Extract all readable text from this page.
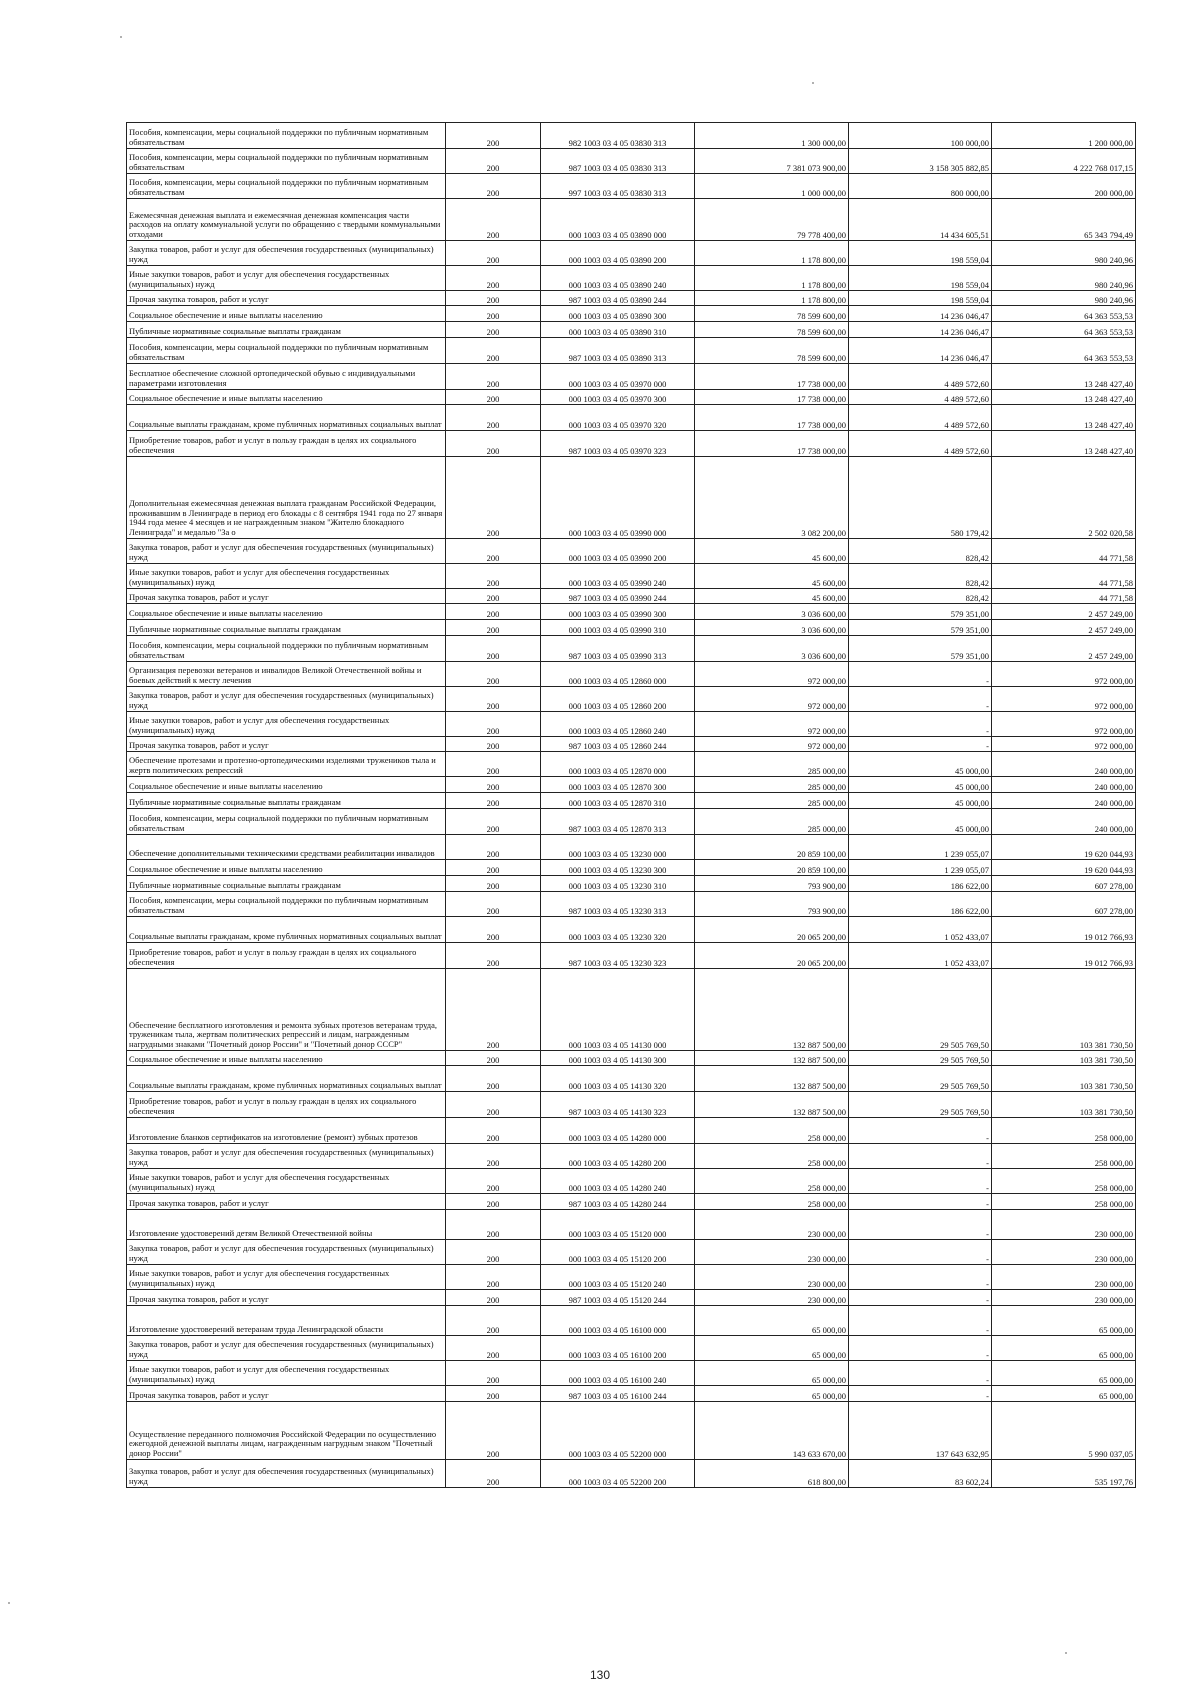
Пособия, компенсации, меры социальной поддержки по публичным нормативным обязательствам	200	982 1003 03 4 05 03830 313	1 300 000,00	100 000,00	1 200 000,00
Пособия, компенсации, меры социальной поддержки по публичным нормативным обязательствам	200	987 1003 03 4 05 03830 313	7 381 073 900,00	3 158 305 882,85	4 222 768 017,15
Пособия, компенсации, меры социальной поддержки по публичным нормативным обязательствам	200	997 1003 03 4 05 03830 313	1 000 000,00	800 000,00	200 000,00
Ежемесячная денежная выплата и ежемесячная денежная компенсация части расходов на оплату коммунальной услуги по обращению с твердыми коммунальными отходами	200	000 1003 03 4 05 03890 000	79 778 400,00	14 434 605,51	65 343 794,49
Закупка товаров, работ и услуг для обеспечения государственных (муниципальных) нужд	200	000 1003 03 4 05 03890 200	1 178 800,00	198 559,04	980 240,96
Иные закупки товаров, работ и услуг для обеспечения государственных (муниципальных) нужд	200	000 1003 03 4 05 03890 240	1 178 800,00	198 559,04	980 240,96
Прочая закупка товаров, работ и услуг	200	987 1003 03 4 05 03890 244	1 178 800,00	198 559,04	980 240,96
Социальное обеспечение и иные выплаты населению	200	000 1003 03 4 05 03890 300	78 599 600,00	14 236 046,47	64 363 553,53
Публичные нормативные социальные выплаты гражданам	200	000 1003 03 4 05 03890 310	78 599 600,00	14 236 046,47	64 363 553,53
Пособия, компенсации, меры социальной поддержки по публичным нормативным обязательствам	200	987 1003 03 4 05 03890 313	78 599 600,00	14 236 046,47	64 363 553,53
Бесплатное обеспечение сложной ортопедической обувью с индивидуальными параметрами изготовления	200	000 1003 03 4 05 03970 000	17 738 000,00	4 489 572,60	13 248 427,40
Социальное обеспечение и иные выплаты населению	200	000 1003 03 4 05 03970 300	17 738 000,00	4 489 572,60	13 248 427,40
Социальные выплаты гражданам, кроме публичных нормативных социальных выплат	200	000 1003 03 4 05 03970 320	17 738 000,00	4 489 572,60	13 248 427,40
Приобретение товаров, работ и услуг в пользу граждан в целях их социального обеспечения	200	987 1003 03 4 05 03970 323	17 738 000,00	4 489 572,60	13 248 427,40
Дополнительная ежемесячная денежная выплата гражданам Российской Федерации, проживавшим в Ленинграде в период его блокады с 8 сентября 1941 года по 27 января 1944 года менее 4 месяцев и не награжденным знаком "Жителю блокадного Ленинграда" и медалью "За о	200	000 1003 03 4 05 03990 000	3 082 200,00	580 179,42	2 502 020,58
Закупка товаров, работ и услуг для обеспечения государственных (муниципальных) нужд	200	000 1003 03 4 05 03990 200	45 600,00	828,42	44 771,58
Иные закупки товаров, работ и услуг для обеспечения государственных (муниципальных) нужд	200	000 1003 03 4 05 03990 240	45 600,00	828,42	44 771,58
Прочая закупка товаров, работ и услуг	200	987 1003 03 4 05 03990 244	45 600,00	828,42	44 771,58
Социальное обеспечение и иные выплаты населению	200	000 1003 03 4 05 03990 300	3 036 600,00	579 351,00	2 457 249,00
Публичные нормативные социальные выплаты гражданам	200	000 1003 03 4 05 03990 310	3 036 600,00	579 351,00	2 457 249,00
Пособия, компенсации, меры социальной поддержки по публичным нормативным обязательствам	200	987 1003 03 4 05 03990 313	3 036 600,00	579 351,00	2 457 249,00
Организация перевозки ветеранов и инвалидов Великой Отечественной войны и боевых действий к месту лечения	200	000 1003 03 4 05 12860 000	972 000,00	-	972 000,00
Закупка товаров, работ и услуг для обеспечения государственных (муниципальных) нужд	200	000 1003 03 4 05 12860 200	972 000,00	-	972 000,00
Иные закупки товаров, работ и услуг для обеспечения государственных (муниципальных) нужд	200	000 1003 03 4 05 12860 240	972 000,00	-	972 000,00
Прочая закупка товаров, работ и услуг	200	987 1003 03 4 05 12860 244	972 000,00	-	972 000,00
Обеспечение протезами и протезно-ортопедическими изделиями тружеников тыла и жертв политических репрессий	200	000 1003 03 4 05 12870 000	285 000,00	45 000,00	240 000,00
Социальное обеспечение и иные выплаты населению	200	000 1003 03 4 05 12870 300	285 000,00	45 000,00	240 000,00
Публичные нормативные социальные выплаты гражданам	200	000 1003 03 4 05 12870 310	285 000,00	45 000,00	240 000,00
Пособия, компенсации, меры социальной поддержки по публичным нормативным обязательствам	200	987 1003 03 4 05 12870 313	285 000,00	45 000,00	240 000,00
Обеспечение дополнительными техническими средствами реабилитации инвалидов	200	000 1003 03 4 05 13230 000	20 859 100,00	1 239 055,07	19 620 044,93
Социальное обеспечение и иные выплаты населению	200	000 1003 03 4 05 13230 300	20 859 100,00	1 239 055,07	19 620 044,93
Публичные нормативные социальные выплаты гражданам	200	000 1003 03 4 05 13230 310	793 900,00	186 622,00	607 278,00
Пособия, компенсации, меры социальной поддержки по публичным нормативным обязательствам	200	987 1003 03 4 05 13230 313	793 900,00	186 622,00	607 278,00
Социальные выплаты гражданам, кроме публичных нормативных социальных выплат	200	000 1003 03 4 05 13230 320	20 065 200,00	1 052 433,07	19 012 766,93
Приобретение товаров, работ и услуг в пользу граждан в целях их социального обеспечения	200	987 1003 03 4 05 13230 323	20 065 200,00	1 052 433,07	19 012 766,93
Обеспечение бесплатного изготовления и ремонта зубных протезов ветеранам труда, труженикам тыла, жертвам политических репрессий и лицам, награжденным нагрудными знаками "Почетный донор России" и "Почетный донор СССР"	200	000 1003 03 4 05 14130 000	132 887 500,00	29 505 769,50	103 381 730,50
Социальное обеспечение и иные выплаты населению	200	000 1003 03 4 05 14130 300	132 887 500,00	29 505 769,50	103 381 730,50
Социальные выплаты гражданам, кроме публичных нормативных социальных выплат	200	000 1003 03 4 05 14130 320	132 887 500,00	29 505 769,50	103 381 730,50
Приобретение товаров, работ и услуг в пользу граждан в целях их социального обеспечения	200	987 1003 03 4 05 14130 323	132 887 500,00	29 505 769,50	103 381 730,50
Изготовление бланков сертификатов на изготовление (ремонт) зубных протезов	200	000 1003 03 4 05 14280 000	258 000,00	-	258 000,00
Закупка товаров, работ и услуг для обеспечения государственных (муниципальных) нужд	200	000 1003 03 4 05 14280 200	258 000,00	-	258 000,00
Иные закупки товаров, работ и услуг для обеспечения государственных (муниципальных) нужд	200	000 1003 03 4 05 14280 240	258 000,00	-	258 000,00
Прочая закупка товаров, работ и услуг	200	987 1003 03 4 05 14280 244	258 000,00	-	258 000,00
Изготовление удостоверений детям Великой Отечественной войны	200	000 1003 03 4 05 15120 000	230 000,00	-	230 000,00
Закупка товаров, работ и услуг для обеспечения государственных (муниципальных) нужд	200	000 1003 03 4 05 15120 200	230 000,00	-	230 000,00
Иные закупки товаров, работ и услуг для обеспечения государственных (муниципальных) нужд	200	000 1003 03 4 05 15120 240	230 000,00	-	230 000,00
Прочая закупка товаров, работ и услуг	200	987 1003 03 4 05 15120 244	230 000,00	-	230 000,00
Изготовление удостоверений ветеранам труда Ленинградской области	200	000 1003 03 4 05 16100 000	65 000,00	-	65 000,00
Закупка товаров, работ и услуг для обеспечения государственных (муниципальных) нужд	200	000 1003 03 4 05 16100 200	65 000,00	-	65 000,00
Иные закупки товаров, работ и услуг для обеспечения государственных (муниципальных) нужд	200	000 1003 03 4 05 16100 240	65 000,00	-	65 000,00
Прочая закупка товаров, работ и услуг	200	987 1003 03 4 05 16100 244	65 000,00	-	65 000,00
Осуществление переданного полномочия Российской Федерации по осуществлению ежегодной денежной выплаты лицам, награжденным нагрудным знаком "Почетный донор России"	200	000 1003 03 4 05 52200 000	143 633 670,00	137 643 632,95	5 990 037,05
Закупка товаров, работ и услуг для обеспечения государственных (муниципальных) нужд	200	000 1003 03 4 05 52200 200	618 800,00	83 602,24	535 197,76
130
